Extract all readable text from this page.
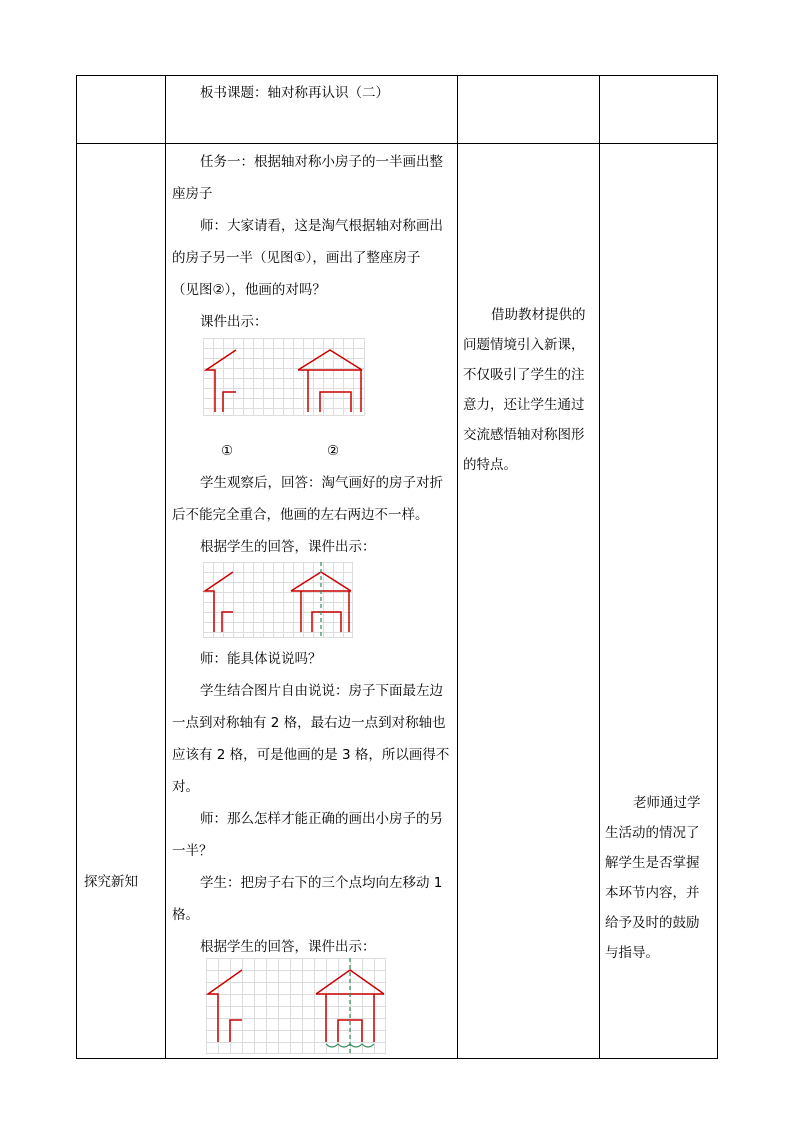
板书课题：轴对称再认识（二）
探究新知
任务一：根据轴对称小房子的一半画出整
座房子
师：大家请看，这是淘气根据轴对称画出
的房子另一半（见图①），画出了整座房子
（见图②），他画的对吗？
课件出示：
①	②
学生观察后，回答：淘气画好的房子对折
后不能完全重合，他画的左右两边不一样。
根据学生的回答，课件出示：
师：能具体说说吗？
学生结合图片自由说说：房子下面最左边
一点到对称轴有 2 格，最右边一点到对称轴也
应该有 2 格，可是他画的是 3 格，所以画得不
对。
师：那么怎样才能正确的画出小房子的另
一半？
学生：把房子右下的三个点均向左移动 1
格。
根据学生的回答，课件出示：
借助教材提供的
问题情境引入新课，
不仅吸引了学生的注
意力，还让学生通过
交流感悟轴对称图形
的特点。
老师通过学
生活动的情况了
解学生是否掌握
本环节内容，并
给予及时的鼓励
与指导。
